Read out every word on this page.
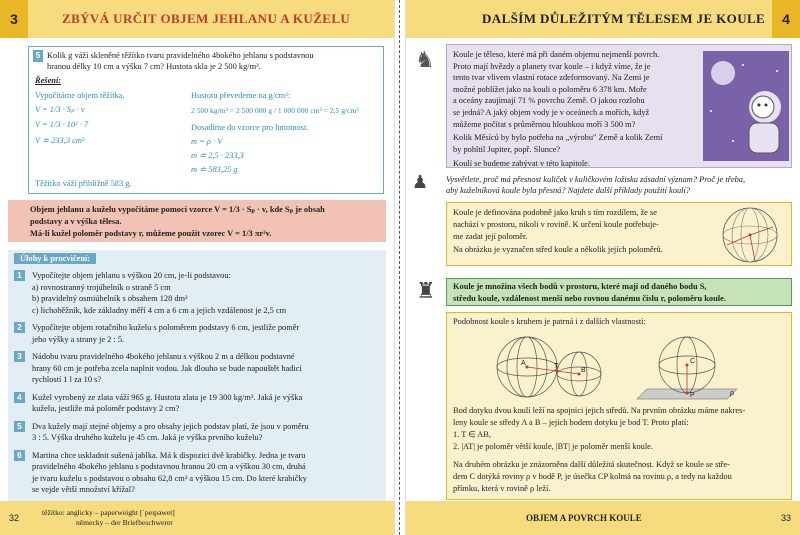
3	ZBÝVÁ URČIT OBJEM JEHLANU A KUŽELU
5 Kolik g váží skleněné těžítko tvaru pravidelného 4bokého jehlanu s podstavnou
hranou délky 10 cm a výšku 7 cm? Hustota skla je 2 500 kg/m³.
Řešení:
Vypočítáme objem těžítka.
V = 1/3 · Sₚ · v
V = 1/3 · 10² · 7
V ≐ 233,3 cm³
Hustotu převedeme na g/cm³:
2 500 kg/m³ = 2 500 000 g / 1 000 000 cm³ = 2,5 g/cm³
Dosadíme do vzorce pro hmotnost.
m = ρ · V
m ≐ 2,5 · 233,3
m ≐ 583,25 g
Těžítko váží přibližně 583 g.
Objem jehlanu a kuželu vypočítáme pomocí vzorce V = 1/3 · Sₚ · v, kde Sₚ je obsah
podstavy a v výška tělesa.
Má-li kužel poloměr podstavy r, můžeme použít vzorec V = 1/3 πr²v.
Úlohy k procvičení:
1	Vypočítejte objem jehlanu s výškou 20 cm, je-li podstavou:
a) rovnostranný trojúhelník o straně 5 cm
b) pravidelný osmiúhelník s obsahem 128 dm²
c) lichoběžník, kde základny měří 4 cm a 6 cm a jejich vzdálenost je 2,5 cm
2	Vypočítejte objem rotačního kuželu s poloměrem podstavy 6 cm, jestliže poměr
jeho výšky a strany je 2 : 5.
3	Nádobu tvaru pravidelného 4bokého jehlanu s výškou 2 m a délkou podstavné
hrany 60 cm je potřeba zcela naplnit vodou. Jak dlouho se bude napouštět hadicí
rychlostí 1 l za 10 s?
4	Kužel vyrobený ze zlata váží 965 g. Hustota zlata je 19 300 kg/m³. Jaká je výška
kuželu, jestliže má poloměr podstavy 2 cm?
5	Dva kužely mají stejné objemy a pro obsahy jejich podstav platí, že jsou v poměru
3 : 5. Výška druhého kuželu je 45 cm. Jaká je výška prvního kuželu?
6	Martina chce uskladnit sušená jablka. Má k dispozici dvě krabičky. Jedna je tvaru
pravidelného 4bokého jehlanu s podstavnou hranou 20 cm a výškou 30 cm, druhá
je tvaru kuželu s podstavou o obsahu 62,8 cm² a výškou 15 cm. Do které krabičky
se vejde větší množství křížal?
32
těžítko: anglicky – paperweight [ˈpeɪpəwet]
německy – der Briefbeschwerer
DALŠÍM DŮLEŽITÝM TĚLESEM JE KOULE	4
Koule je těleso, které má při daném objemu nejmenší povrch.
Proto mají hvězdy a planety tvar koule – i když víme, že je
tento tvar vlivem vlastní rotace zdeformovaný. Na Zemi je
možné pohlížet jako na kouli o poloměru 6 378 km. Moře
a oceány zaujímají 71 % povrchu Země. O jakou rozlohu
se jedná? A jaký objem vody je v oceánech a mořích, když
můžeme počítat s průměrnou hloubkou moří 3 500 m?
Kolik Měsíců by bylo potřeba na „výrobu" Země a kolik Zemí
by pohltil Jupiter, popř. Slunce?
Koulí se budeme zabývat v této kapitole.
♞
♟ Vysvětlete, proč má přesnost kuliček v kuličkovém ložisku zásadní význam? Proč je třeba,
aby kuželníková koule byla přesná? Najdete další příklady použití koulí?
Koule je definována podobně jako kruh s tím rozdílem, že se
nachází v prostoru, nikoli v rovině. K určení koule potřebuje-
me zadat její poloměr.
Na obrázku je vyznačen střed koule a několik jejích poloměrů.
Koule je množina všech bodů v prostoru, které mají od daného bodu S,
středu koule, vzdálenost menší nebo rovnou danému číslu r, poloměru koule.
♜
Podobnost koule s kruhem je patrná i z dalších vlastností:
A
B
T
C
P	ρ
Bod dotyku dvou koulí leží na spojnici jejich středů. Na prvním obrázku máme nakres-
leny koule se středy A a B – jejich bodem dotyku je bod T. Proto platí:
1. T ∈ AB,
2. |AT| je poloměr větší koule, |BT| je poloměr menší koule.
Na druhém obrázku je znázorněna další důležitá skutečnost. Když se koule se stře-
dem C dotýká roviny ρ v bodě P, je úsečka CP kolmá na rovinu ρ, a tedy na každou
přímku, která v rovině ρ leží.
OBJEM A POVRCH KOULE	33
